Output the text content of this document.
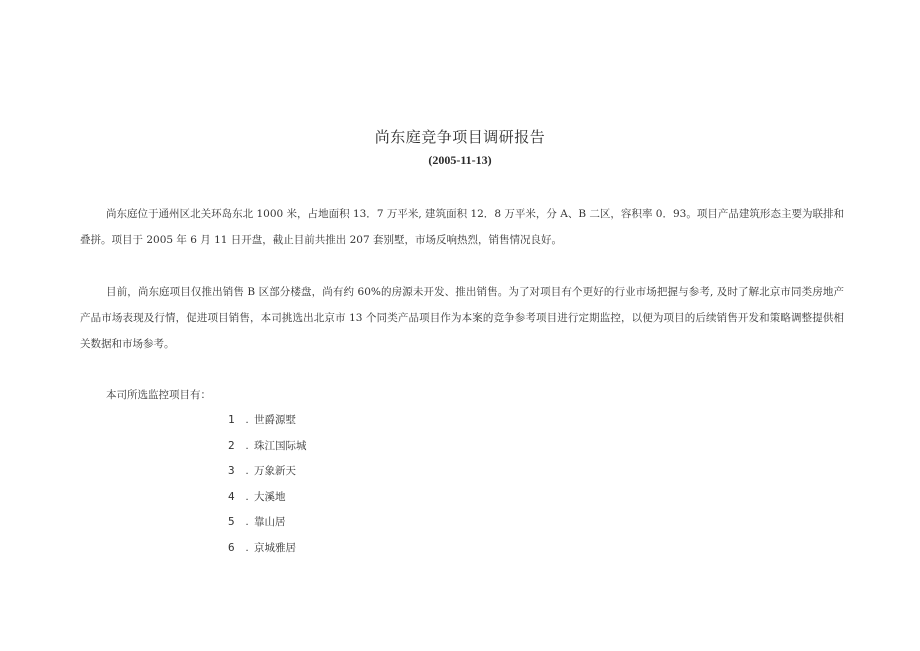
尚东庭竞争项目调研报告
(2005-11-13)
尚东庭位于通州区北关环岛东北 1000 米，占地面积 13．7 万平米, 建筑面积 12．8 万平米，分 A、B 二区，容积率 0．93。项目产品建筑形态主要为联排和叠拼。项目于 2005 年 6 月 11 日开盘，截止目前共推出 207 套别墅，市场反响热烈，销售情况良好。
目前，尚东庭项目仅推出销售 B 区部分楼盘，尚有约 60%的房源未开发、推出销售。为了对项目有个更好的行业市场把握与参考, 及时了解北京市同类房地产产品市场表现及行情，促进项目销售，本司挑选出北京市 13 个同类产品项目作为本案的竞争参考项目进行定期监控，以便为项目的后续销售开发和策略调整提供相关数据和市场参考。
本司所选监控项目有：
1 . 世爵源墅
2 . 珠江国际城
3 . 万象新天
4 . 大溪地
5 . 靠山居
6 . 京城雅居
